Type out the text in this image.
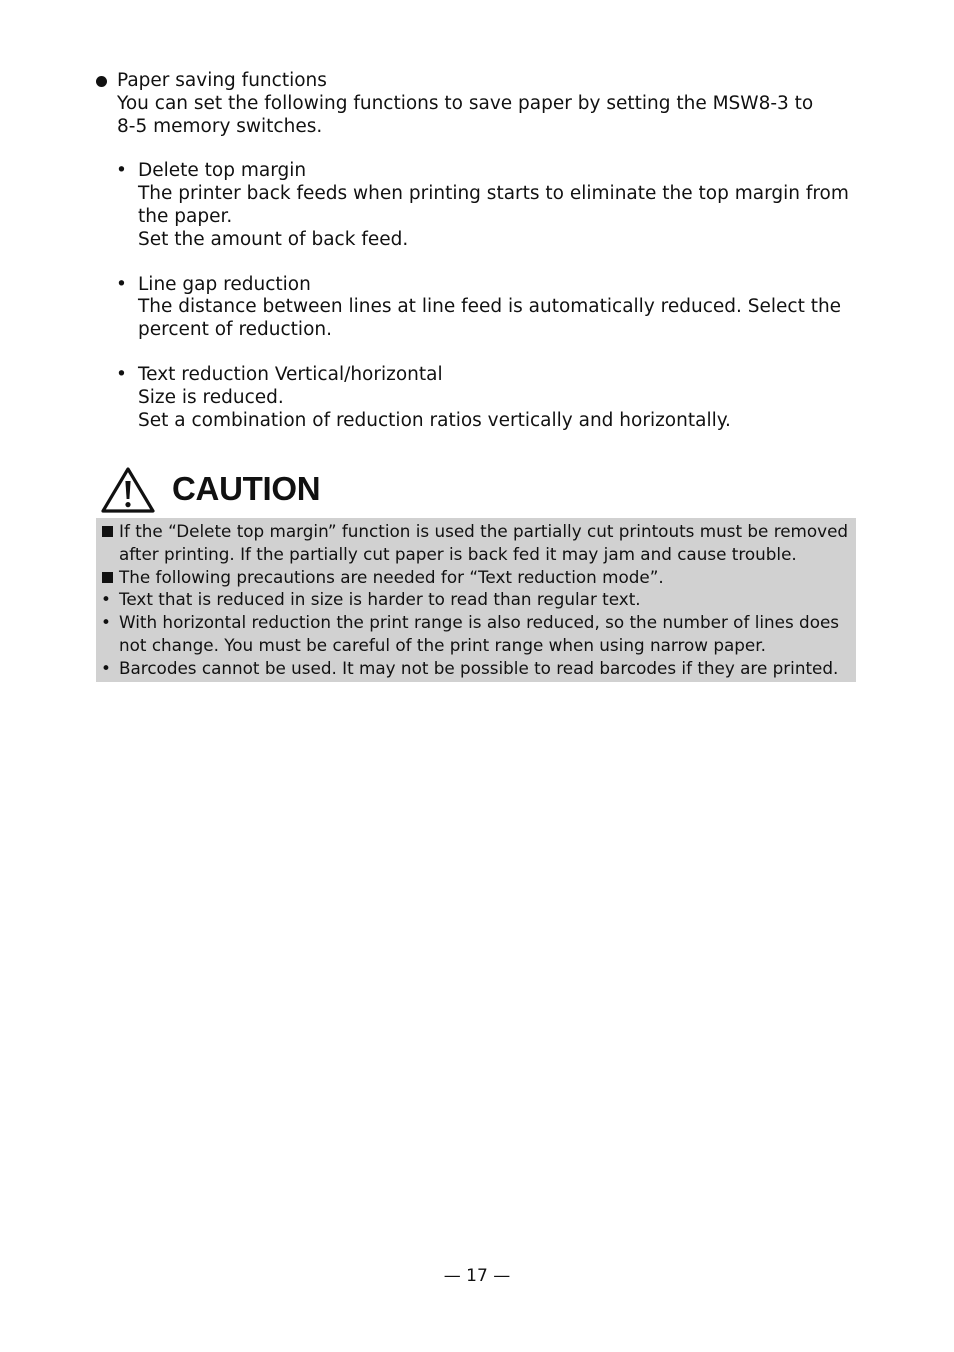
Paper saving functions
You can set the following functions to save paper by setting the MSW8-3 to
8-5 memory switches.
• Delete top margin
The printer back feeds when printing starts to eliminate the top margin from
the paper.
Set the amount of back feed.
• Line gap reduction
The distance between lines at line feed is automatically reduced. Select the
percent of reduction.
• Text reduction Vertical/horizontal
Size is reduced.
Set a combination of reduction ratios vertically and horizontally.
CAUTION
If the “Delete top margin” function is used the partially cut printouts must be removed
after printing. If the partially cut paper is back fed it may jam and cause trouble.
The following precautions are needed for “Text reduction mode”.
• Text that is reduced in size is harder to read than regular text.
• With horizontal reduction the print range is also reduced, so the number of lines does
not change. You must be careful of the print range when using narrow paper.
• Barcodes cannot be used. It may not be possible to read barcodes if they are printed.
— 17 —
